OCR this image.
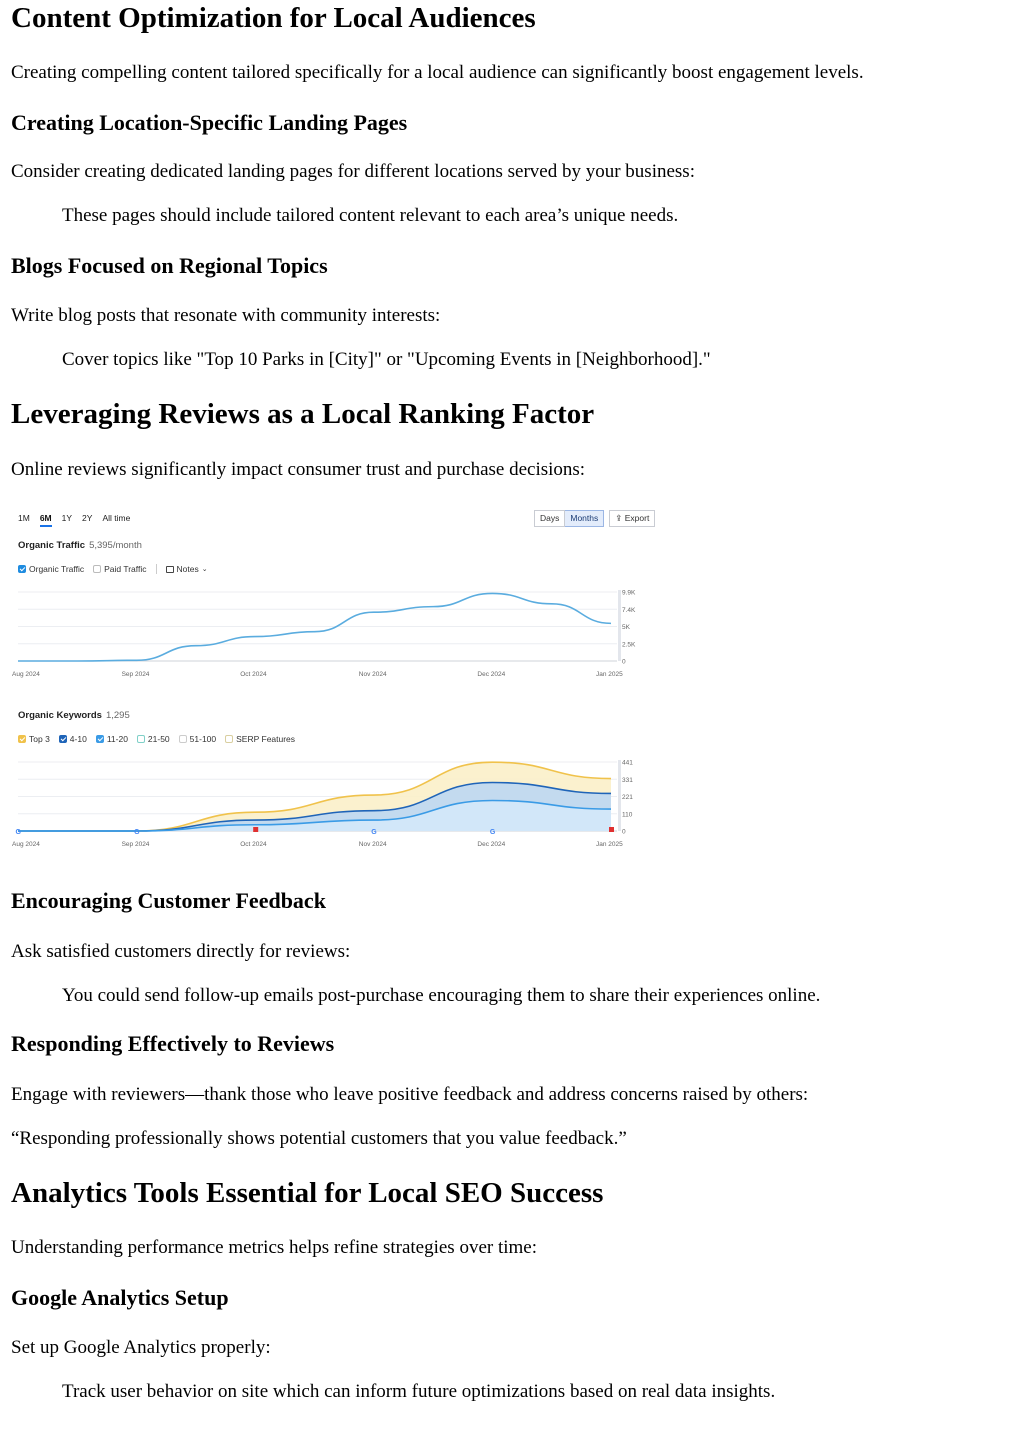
Content Optimization for Local Audiences

Creating compelling content tailored specifically for a local audience can significantly boost engagement levels.

Creating Location-Specific Landing Pages

Consider creating dedicated landing pages for different locations served by your business:

These pages should include tailored content relevant to each area’s unique needs.

Blogs Focused on Regional Topics

Write blog posts that resonate with community interests:

Cover topics like "Top 10 Parks in [City]" or "Upcoming Events in [Neighborhood]."

Leveraging Reviews as a Local Ranking Factor

Online reviews significantly impact consumer trust and purchase decisions:

1M 6M 1Y 2Y All time	Days	Months	⇪ Export
Organic Traffic 5,395/month
Organic Traffic Paid Traffic	Notes ⌄
0
2.5K
5K
7.4K
9.9K
Aug 2024	Sep 2024	Oct 2024	Nov 2024	Dec 2024	Jan 2025
Organic Keywords 1,295
Top 3 4-10 11-20 21-50 51-100 SERP Features
0
110
221
331
441
Aug 2024	Sep 2024	Oct 2024	Nov 2024	Dec 2024	Jan 2025
G	G	G	G
Encouraging Customer Feedback

Ask satisfied customers directly for reviews:

You could send follow-up emails post-purchase encouraging them to share their experiences online.

Responding Effectively to Reviews

Engage with reviewers—thank those who leave positive feedback and address concerns raised by others:

“Responding professionally shows potential customers that you value feedback.”

Analytics Tools Essential for Local SEO Success

Understanding performance metrics helps refine strategies over time:

Google Analytics Setup

Set up Google Analytics properly:

Track user behavior on site which can inform future optimizations based on real data insights.
